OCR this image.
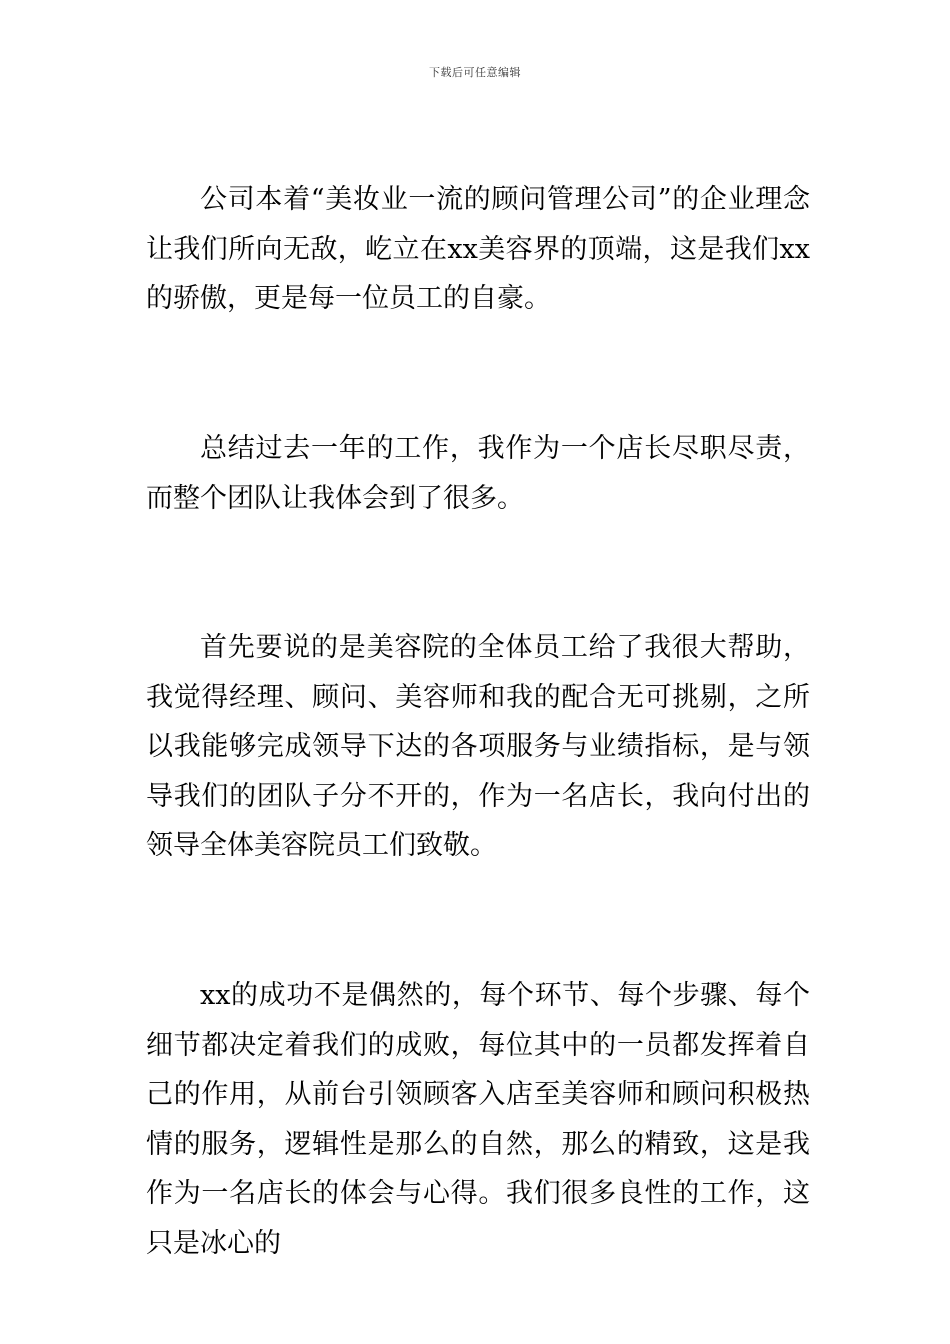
下载后可任意编辑

公司本着“美妆业一流的顾问管理公司”的企业理念让我们所向无敌，屹立在xx美容界的顶端，这是我们xx的骄傲，更是每一位员工的自豪。

总结过去一年的工作，我作为一个店长尽职尽责，而整个团队让我体会到了很多。

首先要说的是美容院的全体员工给了我很大帮助，我觉得经理、顾问、美容师和我的配合无可挑剔，之所以我能够完成领导下达的各项服务与业绩指标，是与领导我们的团队子分不开的，作为一名店长，我向付出的领导全体美容院员工们致敬。

xx的成功不是偶然的，每个环节、每个步骤、每个细节都决定着我们的成败，每位其中的一员都发挥着自己的作用，从前台引领顾客入店至美容师和顾问积极热情的服务，逻辑性是那么的自然，那么的精致，这是我作为一名店长的体会与心得。我们很多良性的工作，这只是冰心的
